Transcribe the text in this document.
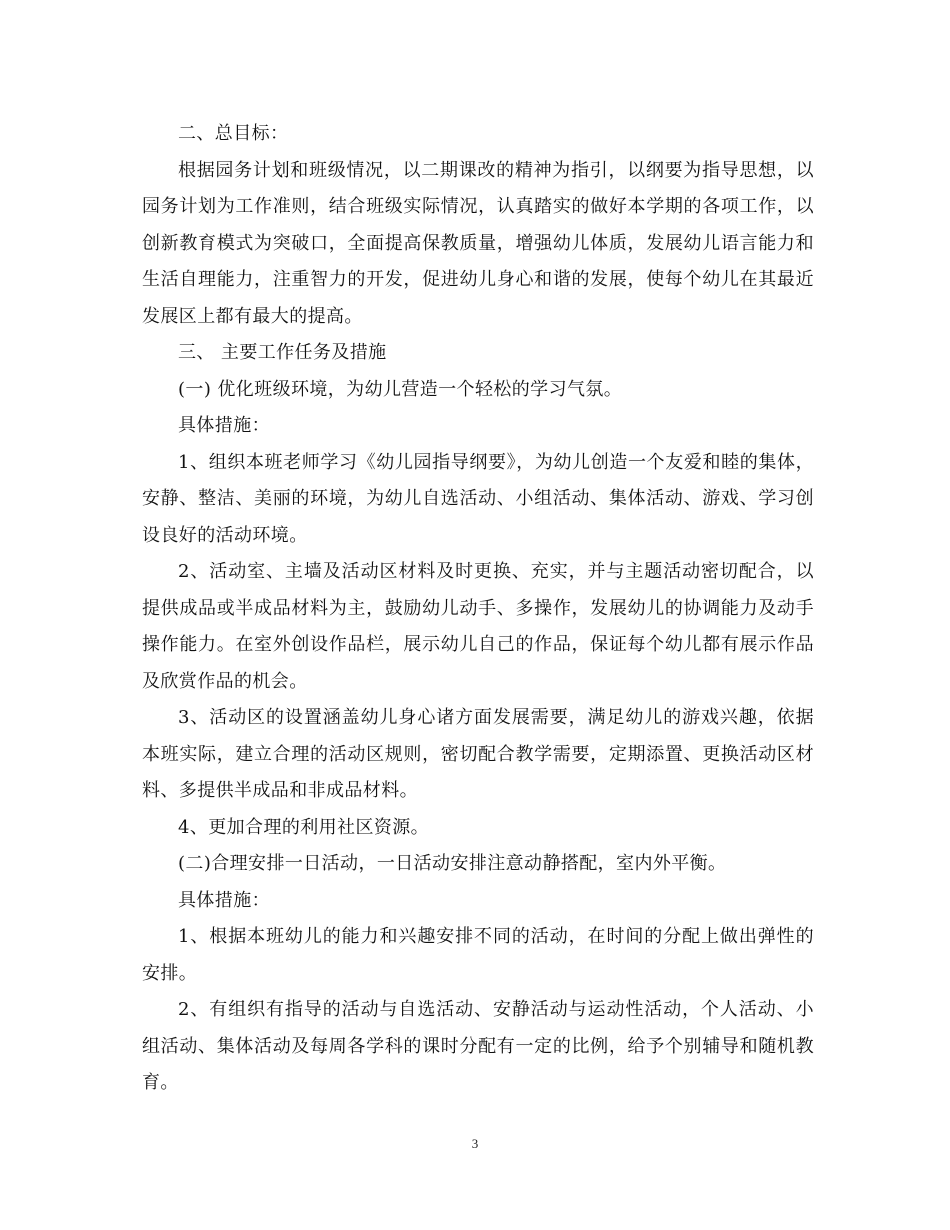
二、总目标：

根据园务计划和班级情况，以二期课改的精神为指引，以纲要为指导思想，以园务计划为工作准则，结合班级实际情况，认真踏实的做好本学期的各项工作，以创新教育模式为突破口，全面提高保教质量，增强幼儿体质，发展幼儿语言能力和生活自理能力，注重智力的开发，促进幼儿身心和谐的发展，使每个幼儿在其最近发展区上都有最大的提高。

三、 主要工作任务及措施

(一) 优化班级环境，为幼儿营造一个轻松的学习气氛。

具体措施：

1、组织本班老师学习《幼儿园指导纲要》，为幼儿创造一个友爱和睦的集体，安静、整洁、美丽的环境，为幼儿自选活动、小组活动、集体活动、游戏、学习创设良好的活动环境。

2、活动室、主墙及活动区材料及时更换、充实，并与主题活动密切配合，以提供成品或半成品材料为主，鼓励幼儿动手、多操作，发展幼儿的协调能力及动手操作能力。在室外创设作品栏，展示幼儿自己的作品，保证每个幼儿都有展示作品及欣赏作品的机会。

3、活动区的设置涵盖幼儿身心诸方面发展需要，满足幼儿的游戏兴趣，依据本班实际，建立合理的活动区规则，密切配合教学需要，定期添置、更换活动区材料、多提供半成品和非成品材料。

4、更加合理的利用社区资源。

(二)合理安排一日活动，一日活动安排注意动静搭配，室内外平衡。

具体措施：

1、根据本班幼儿的能力和兴趣安排不同的活动，在时间的分配上做出弹性的安排。

2、有组织有指导的活动与自选活动、安静活动与运动性活动，个人活动、小组活动、集体活动及每周各学科的课时分配有一定的比例，给予个别辅导和随机教育。

3
